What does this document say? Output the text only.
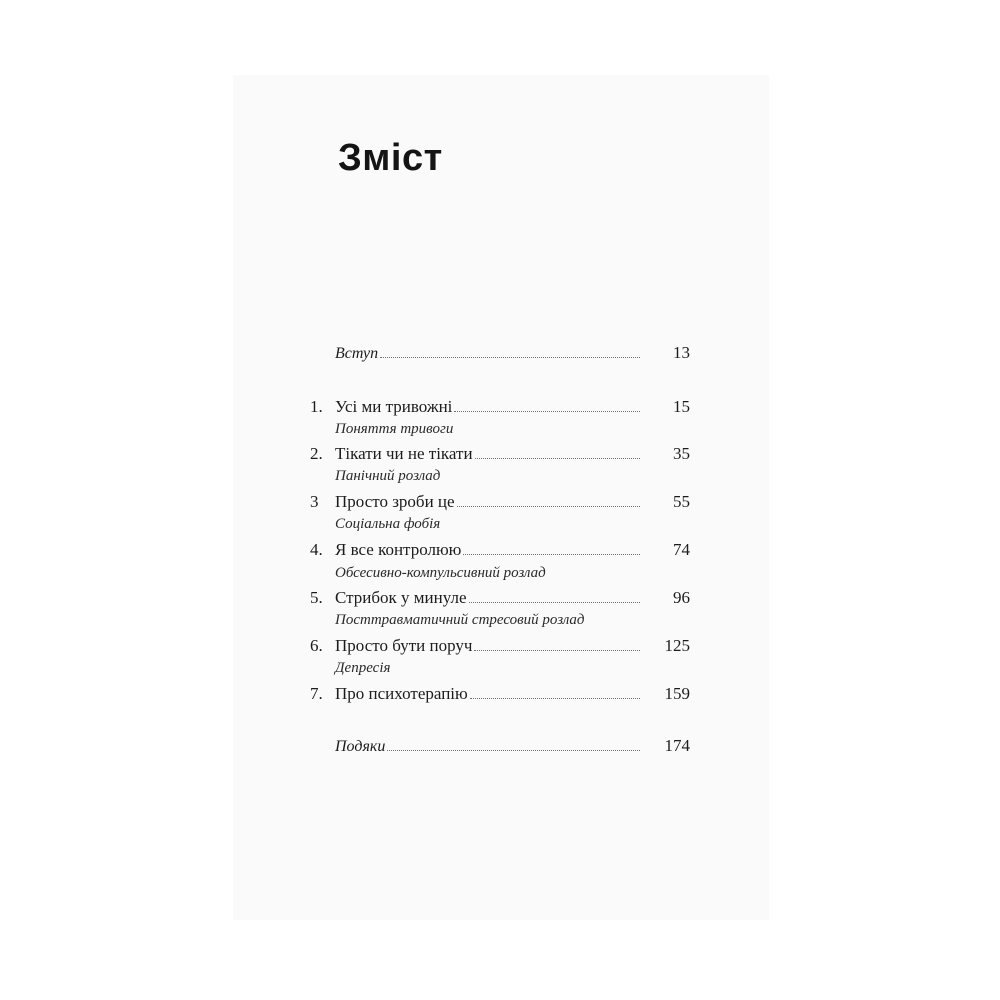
Зміст
Вступ	13
1. Усі ми тривожні	15

Поняття тривоги

2. Тікати чи не тікати	35

Панічний розлад

3 Просто зроби це	55

Соціальна фобія

4. Я все контролюю	74

Обсесивно-компульсивний розлад

5. Стрибок у минуле	96

Посттравматичний стресовий розлад

6. Просто бути поруч	125

Депресія

7. Про психотерапію	159
Подяки	174
